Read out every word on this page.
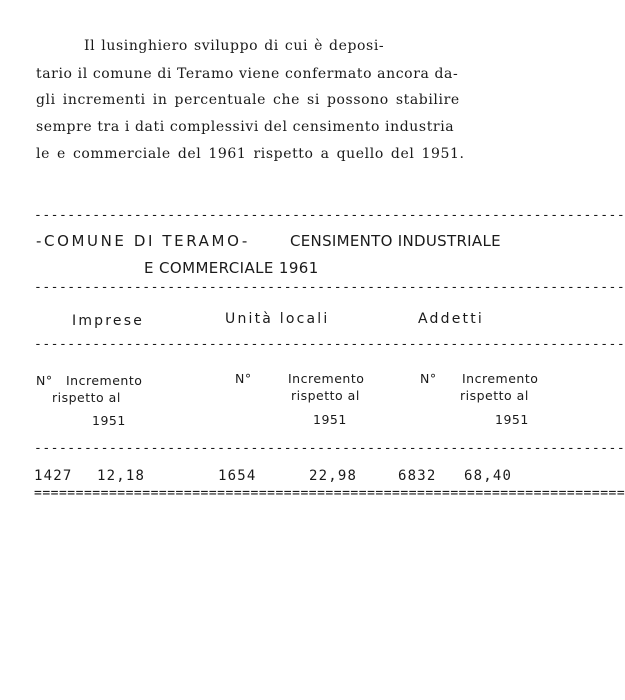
Il lusinghiero sviluppo di cui è deposi-
tario il comune di Teramo viene confermato ancora da-
gli incrementi in percentuale che si possono stabilire
sempre tra i dati complessivi del censimento industria
le e commerciale del 1961 rispetto a quello del 1951.
-----------------------------------------------------------------------
-COMUNE DI TERAMO-	CENSIMENTO INDUSTRIALE
E COMMERCIALE 1961
-----------------------------------------------------------------------
Imprese	Unità locali	Addetti
-----------------------------------------------------------------------
N° Incremento
rispetto al
1951
N°	Incremento
rispetto al
1951
N° Incremento
rispetto al
1951
-----------------------------------------------------------------------
1427 12,18	1654	22,98	6832 68,40
=======================================================================
